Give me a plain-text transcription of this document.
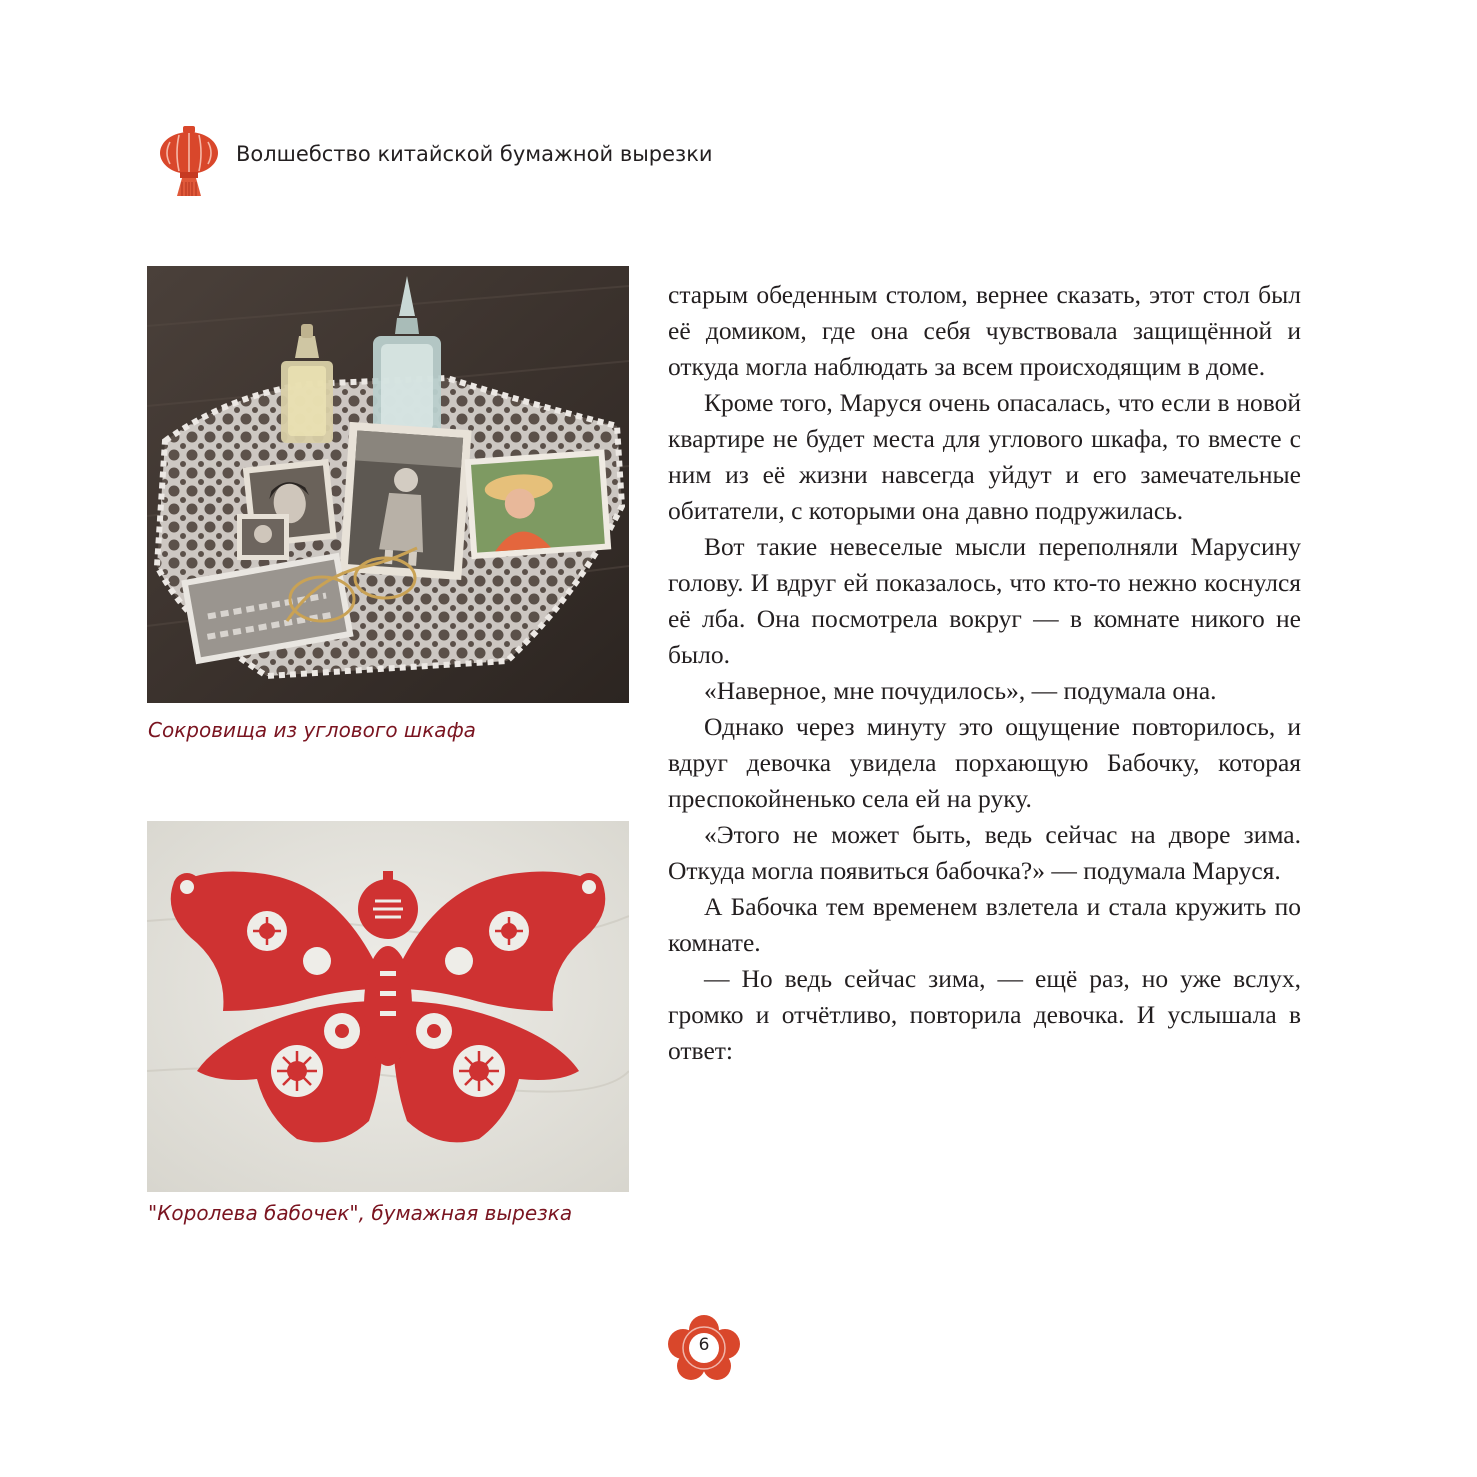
Волшебство китайской бумажной вырезки
Сокровища из углового шкафа
"Королева бабочек", бумажная вырезка

старым обеденным столом, вернее сказать, этот стол был её домиком, где она себя чувствовала защищённой и откуда могла наблюдать за всем происходящим в доме.

Кроме того, Маруся очень опасалась, что если в новой квартире не будет места для углового шкафа, то вместе с ним из её жизни навсегда уйдут и его замечательные обитатели, с которыми она давно подружилась.

Вот такие невеселые мысли переполняли Марусину голову. И вдруг ей показалось, что кто-то нежно коснулся её лба. Она посмотрела вокруг — в комнате никого не было.

«Наверное, мне почудилось», — подумала она.

Однако через минуту это ощущение повторилось, и вдруг девочка увидела порхающую Бабочку, которая преспокойненько села ей на руку.

«Этого не может быть, ведь сейчас на дворе зима. Откуда могла появиться бабочка?» — подумала Маруся.

А Бабочка тем временем взлетела и стала кружить по комнате.

— Но ведь сейчас зима, — ещё раз, но уже вслух, громко и отчётливо, повторила девочка. И услышала в ответ:

6
